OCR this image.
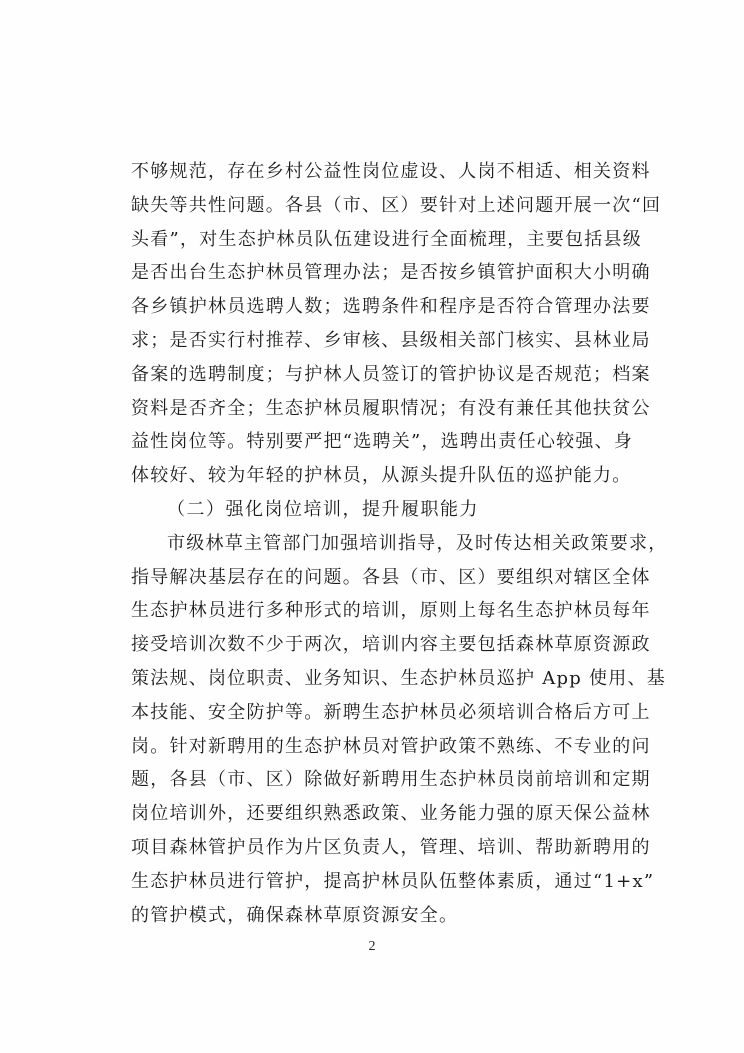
不够规范，存在乡村公益性岗位虚设、人岗不相适、相关资料
缺失等共性问题。各县（市、区）要针对上述问题开展一次“回
头看”，对生态护林员队伍建设进行全面梳理，主要包括县级
是否出台生态护林员管理办法；是否按乡镇管护面积大小明确
各乡镇护林员选聘人数；选聘条件和程序是否符合管理办法要
求；是否实行村推荐、乡审核、县级相关部门核实、县林业局
备案的选聘制度；与护林人员签订的管护协议是否规范；档案
资料是否齐全；生态护林员履职情况；有没有兼任其他扶贫公
益性岗位等。特别要严把“选聘关”，选聘出责任心较强、身
体较好、较为年轻的护林员，从源头提升队伍的巡护能力。
（二）强化岗位培训，提升履职能力
市级林草主管部门加强培训指导，及时传达相关政策要求，
指导解决基层存在的问题。各县（市、区）要组织对辖区全体
生态护林员进行多种形式的培训，原则上每名生态护林员每年
接受培训次数不少于两次，培训内容主要包括森林草原资源政
策法规、岗位职责、业务知识、生态护林员巡护 App 使用、基
本技能、安全防护等。新聘生态护林员必须培训合格后方可上
岗。针对新聘用的生态护林员对管护政策不熟练、不专业的问
题，各县（市、区）除做好新聘用生态护林员岗前培训和定期
岗位培训外，还要组织熟悉政策、业务能力强的原天保公益林
项目森林管护员作为片区负责人，管理、培训、帮助新聘用的
生态护林员进行管护，提高护林员队伍整体素质，通过“1+x”
的管护模式，确保森林草原资源安全。
2
